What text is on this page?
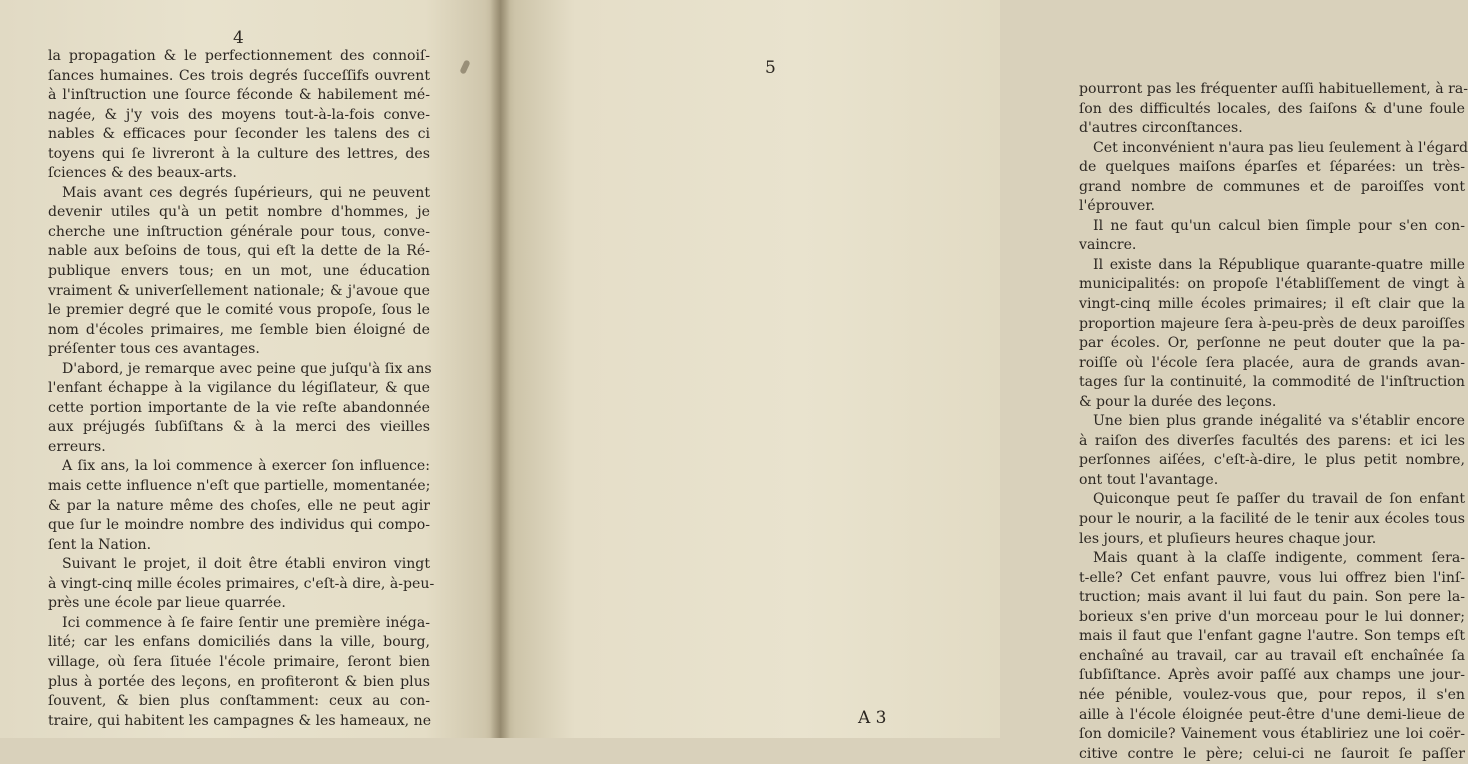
4
la propagation & le perfectionnement des connoiſ-
ſances humaines. Ces trois degrés ſucceſſifs ouvrent
à l'inſtruction une ſource féconde & habilement mé-
nagée, & j'y vois des moyens tout-à-la-fois conve-
nables & efficaces pour ſeconder les talens des ci
toyens qui ſe livreront à la culture des lettres, des
ſciences & des beaux-arts.
Mais avant ces degrés ſupérieurs, qui ne peuvent
devenir utiles qu'à un petit nombre d'hommes, je
cherche une inſtruction générale pour tous, conve-
nable aux beſoins de tous, qui eſt la dette de la Ré-
publique envers tous; en un mot, une éducation
vraiment & univerſellement nationale; & j'avoue que
le premier degré que le comité vous propoſe, ſous le
nom d'écoles primaires, me ſemble bien éloigné de
préſenter tous ces avantages.
D'abord, je remarque avec peine que juſqu'à ſix ans
l'enfant échappe à la vigilance du légiſlateur, & que
cette portion importante de la vie reſte abandonnée
aux préjugés ſubſiſtans & à la merci des vieilles
erreurs.
A ſix ans, la loi commence à exercer ſon influence:
mais cette influence n'eſt que partielle, momentanée;
& par la nature même des choſes, elle ne peut agir
que ſur le moindre nombre des individus qui compo-
ſent la Nation.
Suivant le projet, il doit être établi environ vingt
à vingt-cinq mille écoles primaires, c'eſt-à dire, à-peu-
près une école par lieue quarrée.
Ici commence à ſe faire ſentir une première inéga-
lité; car les enfans domiciliés dans la ville, bourg,
village, où ſera ſituée l'école primaire, ſeront bien
plus à portée des leçons, en profiteront & bien plus
ſouvent, & bien plus conſtamment: ceux au con-
traire, qui habitent les campagnes & les hameaux, ne
pourront pas les fréquenter auſſi habituellement, à ra-
ſon des difficultés locales, des ſaiſons & d'une foule
d'autres circonſtances.
Cet inconvénient n'aura pas lieu ſeulement à l'égard
de quelques maiſons éparſes et ſéparées: un très-
grand nombre de communes et de paroiſſes vont
l'éprouver.
Il ne faut qu'un calcul bien ſimple pour s'en con-
vaincre.
Il existe dans la République quarante-quatre mille
municipalités: on propoſe l'établiſſement de vingt à
vingt-cinq mille écoles primaires; il eſt clair que la
proportion majeure ſera à-peu-près de deux paroiſſes
par écoles. Or, perſonne ne peut douter que la pa-
roiſſe où l'école ſera placée, aura de grands avan-
tages ſur la continuité, la commodité de l'inſtruction
& pour la durée des leçons.
Une bien plus grande inégalité va s'établir encore
à raiſon des diverſes facultés des parens: et ici les
perſonnes aiſées, c'eſt-à-dire, le plus petit nombre,
ont tout l'avantage.
Quiconque peut ſe paſſer du travail de ſon enfant
pour le nourir, a la facilité de le tenir aux écoles tous
les jours, et pluſieurs heures chaque jour.
Mais quant à la claſſe indigente, comment ſera-
t-elle? Cet enfant pauvre, vous lui offrez bien l'inſ-
truction; mais avant il lui faut du pain. Son pere la-
borieux s'en prive d'un morceau pour le lui donner;
mais il faut que l'enfant gagne l'autre. Son temps eſt
enchaîné au travail, car au travail eſt enchaînée ſa
ſubſiſtance. Après avoir paſſé aux champs une jour-
née pénible, voulez-vous que, pour repos, il s'en
aille à l'école éloignée peut-être d'une demi-lieue de
ſon domicile? Vainement vous établiriez une loi coër-
citive contre le père; celui-ci ne ſauroit ſe paſſer
5
A 3
